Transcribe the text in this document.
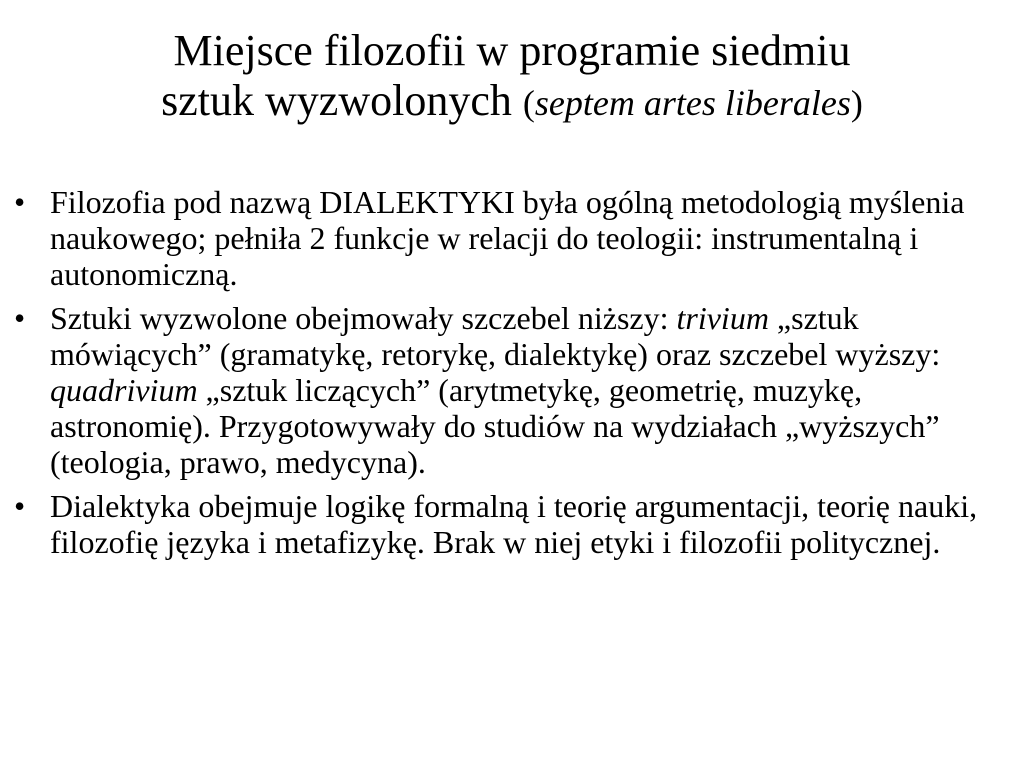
Miejsce filozofii w programie siedmiu
sztuk wyzwolonych (septem artes liberales)
• Filozofia pod nazwą DIALEKTYKI była ogólną metodologią myślenia naukowego; pełniła 2 funkcje w relacji do teologii: instrumentalną i autonomiczną.
• Sztuki wyzwolone obejmowały szczebel niższy: trivium „sztuk mówiących” (gramatykę, retorykę, dialektykę) oraz szczebel wyższy: quadrivium „sztuk liczących” (arytmetykę, geometrię, muzykę, astronomię). Przygotowywały do studiów na wydziałach „wyższych” (teologia, prawo, medycyna).
• Dialektyka obejmuje logikę formalną i teorię argumentacji, teorię nauki, filozofię języka i metafizykę. Brak w niej etyki i filozofii politycznej.
